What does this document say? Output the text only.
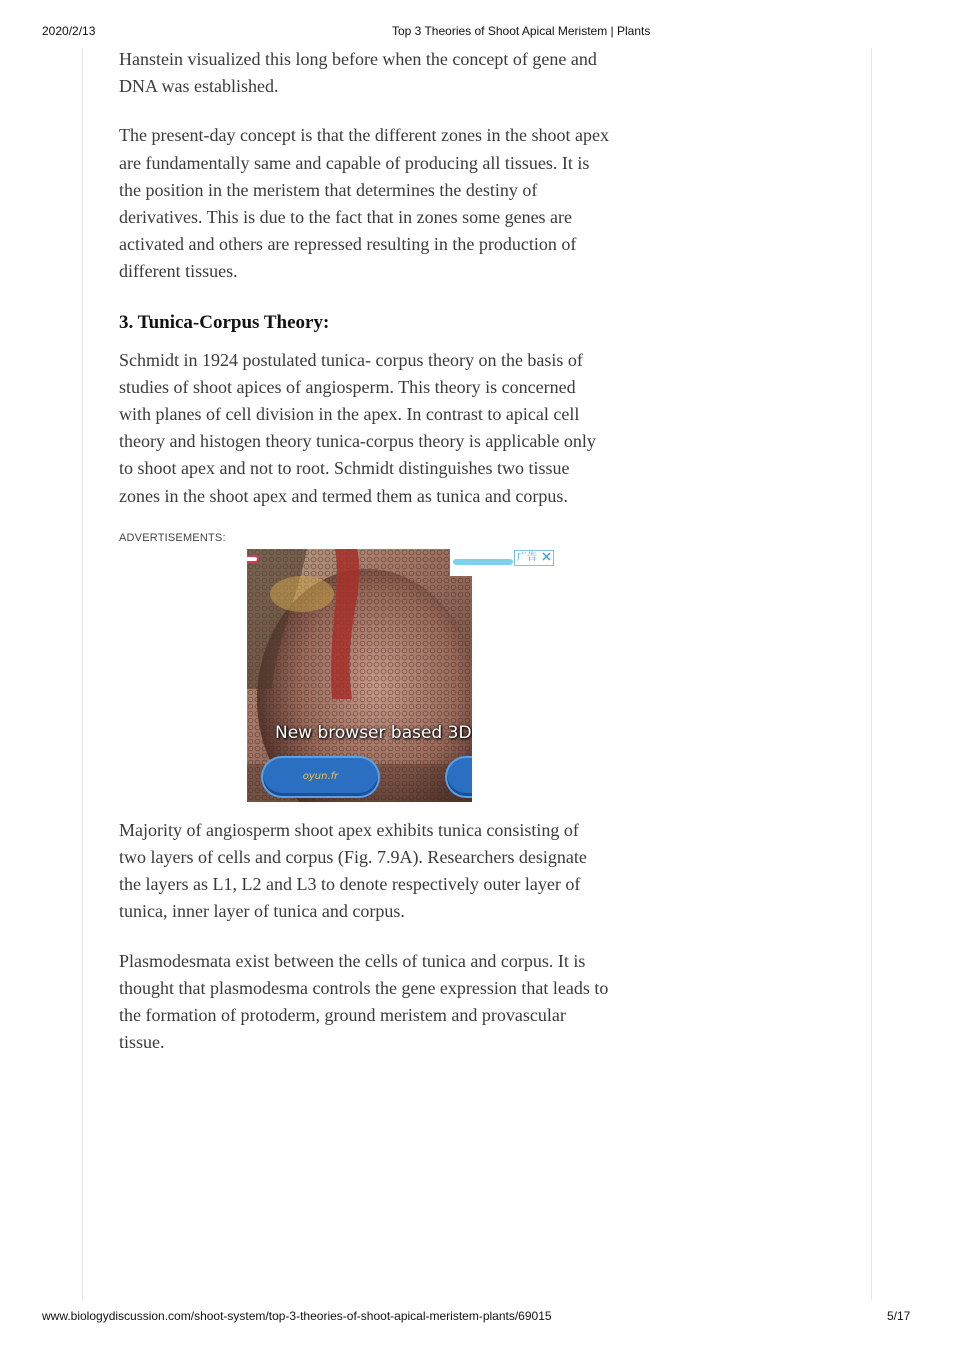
2020/2/13	Top 3 Theories of Shoot Apical Meristem | Plants

Hanstein visualized this long before when the concept of gene and DNA was established.

The present-day concept is that the different zones in the shoot apex are fundamentally same and capable of producing all tissues. It is the position in the meristem that determines the destiny of derivatives. This is due to the fact that in zones some genes are activated and others are repressed resulting in the production of different tissues.

3. Tunica-Corpus Theory:

Schmidt in 1924 postulated tunica- corpus theory on the basis of studies of shoot apices of angiosperm. This theory is concerned with planes of cell division in the apex. In contrast to apical cell theory and histogen theory tunica-corpus theory is applicable only to shoot apex and not to root. Schmidt distinguishes two tissue zones in the shoot apex and termed them as tunica and corpus.

ADVERTISEMENTS:
New browser based 3D
oyun.fr
广告

Majority of angiosperm shoot apex exhibits tunica consisting of two layers of cells and corpus (Fig. 7.9A). Researchers designate the layers as L1, L2 and L3 to denote respectively outer layer of tunica, inner layer of tunica and corpus.

Plasmodesmata exist between the cells of tunica and corpus. It is thought that plasmodesma controls the gene expression that leads to the formation of protoderm, ground meristem and provascular tissue.

www.biologydiscussion.com/shoot-system/top-3-theories-of-shoot-apical-meristem-plants/69015	5/17
